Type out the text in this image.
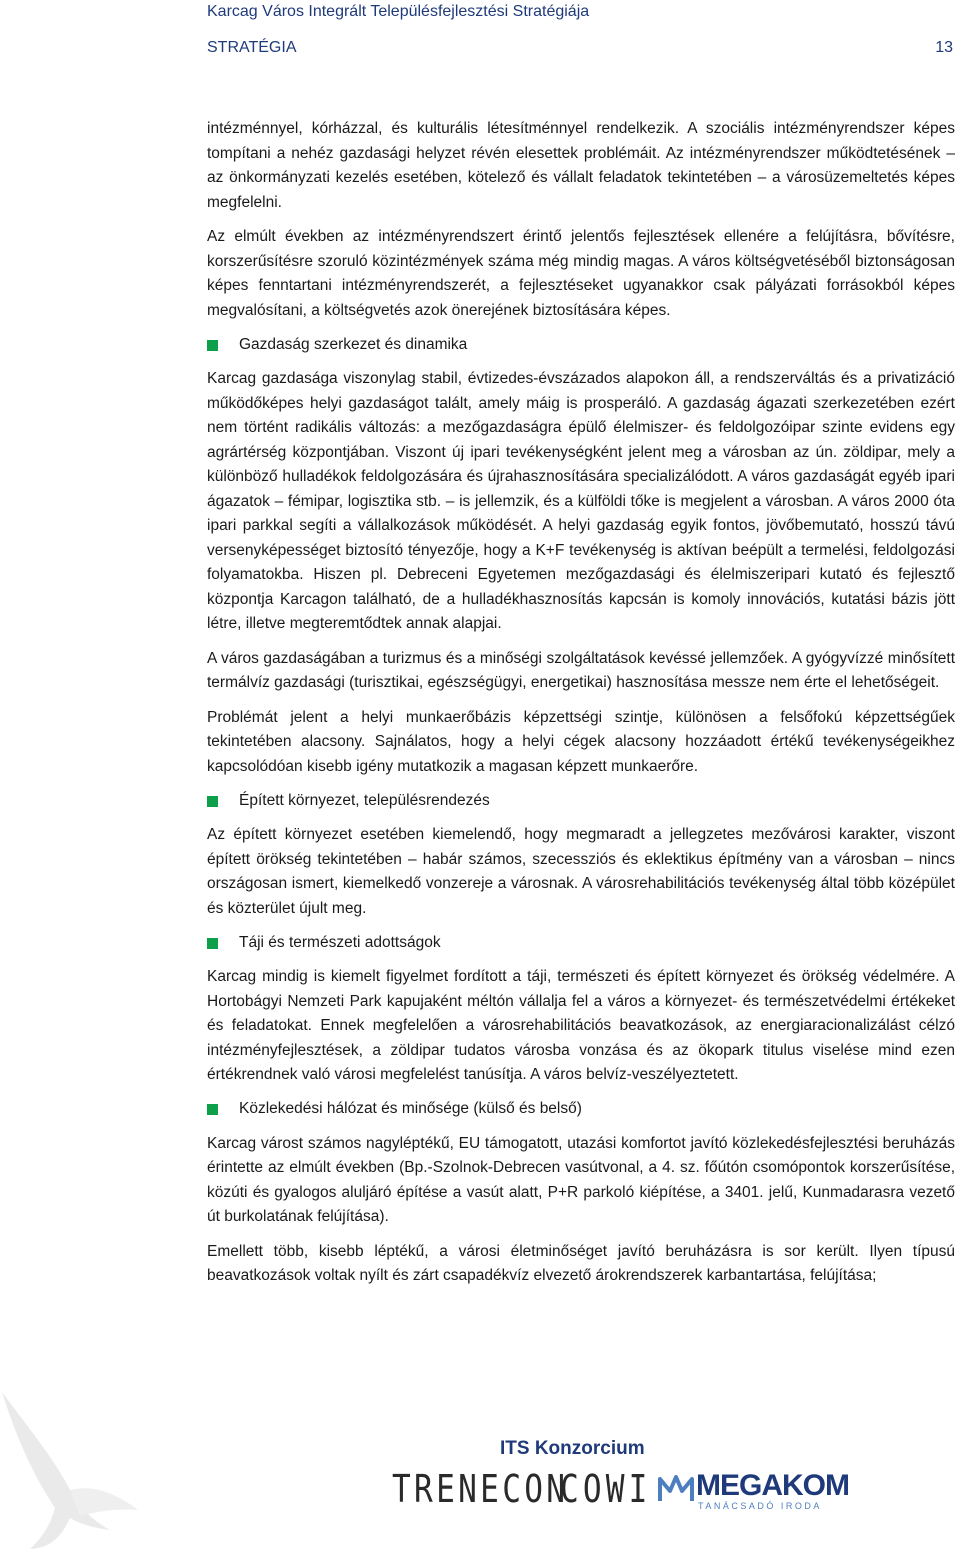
Karcag Város Integrált Településfejlesztési Stratégiája
STRATÉGIA	13

intézménnyel, kórházzal, és kulturális létesítménnyel rendelkezik. A szociális intézményrendszer képes tompítani a nehéz gazdasági helyzet révén elesettek problémáit. Az intézményrendszer működtetésének – az önkormányzati kezelés esetében, kötelező és vállalt feladatok tekintetében – a városüzemeltetés képes megfelelni.

Az elmúlt években az intézményrendszert érintő jelentős fejlesztések ellenére a felújításra, bővítésre, korszerűsítésre szoruló közintézmények száma még mindig magas. A város költségvetéséből biztonságosan képes fenntartani intézményrendszerét, a fejlesztéseket ugyanakkor csak pályázati forrásokból képes megvalósítani, a költségvetés azok önerejének biztosítására képes.

Gazdaság szerkezet és dinamika

Karcag gazdasága viszonylag stabil, évtizedes-évszázados alapokon áll, a rendszerváltás és a privatizáció működőképes helyi gazdaságot talált, amely máig is prosperáló. A gazdaság ágazati szerkezetében ezért nem történt radikális változás: a mezőgazdaságra épülő élelmiszer- és feldolgozóipar szinte evidens egy agrártérség központjában. Viszont új ipari tevékenységként jelent meg a városban az ún. zöldipar, mely a különböző hulladékok feldolgozására és újrahasznosítására specializálódott. A város gazdaságát egyéb ipari ágazatok – fémipar, logisztika stb. – is jellemzik, és a külföldi tőke is megjelent a városban. A város 2000 óta ipari parkkal segíti a vállalkozások működését. A helyi gazdaság egyik fontos, jövőbemutató, hosszú távú versenyképességet biztosító tényezője, hogy a K+F tevékenység is aktívan beépült a termelési, feldolgozási folyamatokba. Hiszen pl. Debreceni Egyetemen mezőgazdasági és élelmiszeripari kutató és fejlesztő központja Karcagon található, de a hulladékhasznosítás kapcsán is komoly innovációs, kutatási bázis jött létre, illetve megteremtődtek annak alapjai.

A város gazdaságában a turizmus és a minőségi szolgáltatások kevéssé jellemzőek. A gyógyvízzé minősített termálvíz gazdasági (turisztikai, egészségügyi, energetikai) hasznosítása messze nem érte el lehetőségeit.

Problémát jelent a helyi munkaerőbázis képzettségi szintje, különösen a felsőfokú képzettségűek tekintetében alacsony. Sajnálatos, hogy a helyi cégek alacsony hozzáadott értékű tevékenységeikhez kapcsolódóan kisebb igény mutatkozik a magasan képzett munkaerőre.

Épített környezet, településrendezés

Az épített környezet esetében kiemelendő, hogy megmaradt a jellegzetes mezővárosi karakter, viszont épített örökség tekintetében – habár számos, szecessziós és eklektikus építmény van a városban – nincs országosan ismert, kiemelkedő vonzereje a városnak. A városrehabilitációs tevékenység által több középület és közterület újult meg.

Táji és természeti adottságok

Karcag mindig is kiemelt figyelmet fordított a táji, természeti és épített környezet és örökség védelmére. A Hortobágyi Nemzeti Park kapujaként méltón vállalja fel a város a környezet- és természetvédelmi értékeket és feladatokat. Ennek megfelelően a városrehabilitációs beavatkozások, az energiaracionalizálást célzó intézményfejlesztések, a zöldipar tudatos városba vonzása és az ökopark titulus viselése mind ezen értékrendnek való városi megfelelést tanúsítja. A város belvíz-veszélyeztetett.

Közlekedési hálózat és minősége (külső és belső)

Karcag várost számos nagyléptékű, EU támogatott, utazási komfortot javító közlekedésfejlesztési beruházás érintette az elmúlt években (Bp.-Szolnok-Debrecen vasútvonal, a 4. sz. főútón csomópontok korszerűsítése, közúti és gyalogos aluljáró építése a vasút alatt, P+R parkoló kiépítése, a 3401. jelű, Kunmadarasra vezető út burkolatának felújítása).

Emellett több, kisebb léptékű, a városi életminőséget javító beruházásra is sor került. Ilyen típusú beavatkozások voltak nyílt és zárt csapadékvíz elvezető árokrendszerek karbantartása, felújítása;

ITS Konzorcium
TRENECON
COWI MEGAKOM
TANÁCSADÓ IRODA
